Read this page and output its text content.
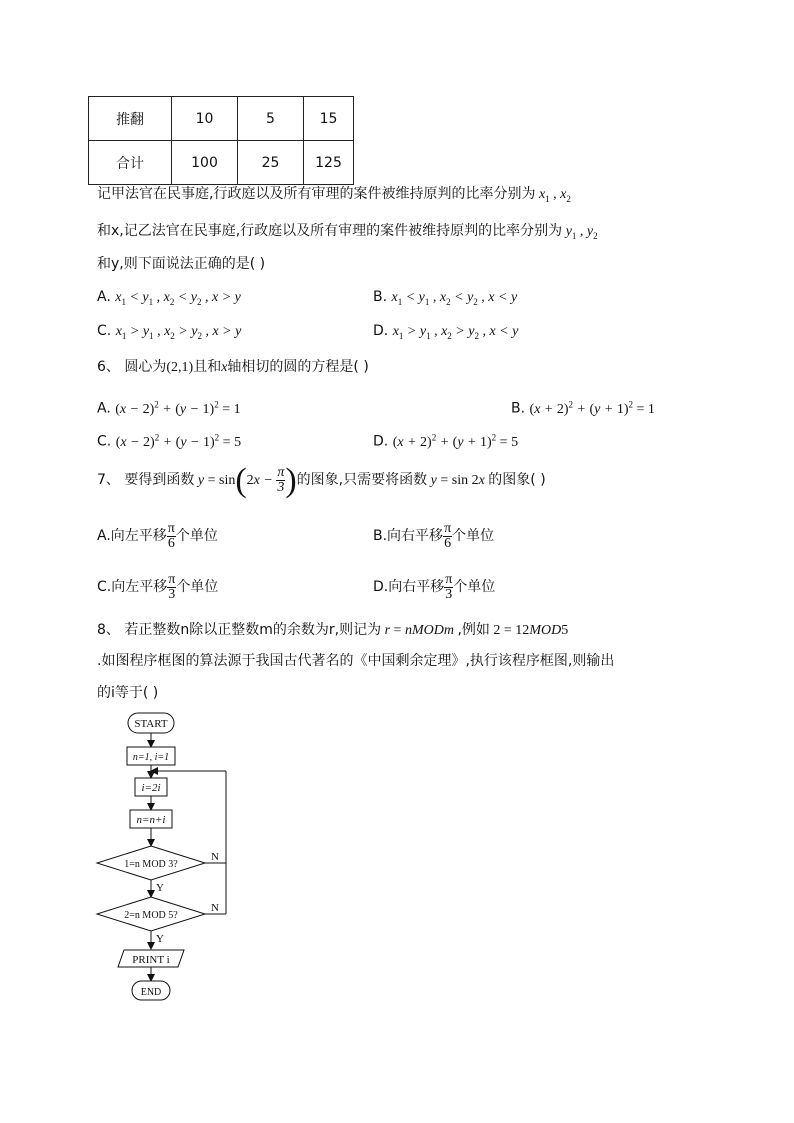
推翻	10	5	15
合计	100	25	125
记甲法官在民事庭,行政庭以及所有审理的案件被维持原判的比率分别为 $x_1$ , $x_2$
和x,记乙法官在民事庭,行政庭以及所有审理的案件被维持原判的比率分别为 $y_1$ , $y_2$
和y,则下面说法正确的是( )
A. $x_1 < y_1$ , $x_2 < y_2$ , x > y	B. $x_1 < y_1$ , $x_2 < y_2$ , x < y
C. $x_1 > y_1$ , $x_2 > y_2$ , x > y	D. $x_1 > y_1$ , $x_2 > y_2$ , x < y
6、 圆心为(2,1)且和x轴相切的圆的方程是( )
A. $(x - 2)^2 + (y - 1)^2 = 1$	B. $(x + 2)^2 + (y + 1)^2 = 1$
C. $(x - 2)^2 + (y - 1)^2 = 5$	D. $(x + 2)^2 + (y + 1)^2 = 5$
7、 要得到函数 $y = \sin(2x - \frac{\pi}{3}$ )的图象,只需要将函数 y = sin 2x 的图象( )
A.向左平移 $\frac{\pi}{6}$ 个单位	B.向右平移 $\frac{\pi}{6}$ 个单位
C.向左平移 $\frac{\pi}{3}$ 个单位	D.向右平移 $\frac{\pi}{3}$ 个单位
8、 若正整数n除以正整数m的余数为r,则记为 r = nMODm ,例如 2 = 12MOD5
.如图程序框图的算法源于我国古代著名的《中国剩余定理》,执行该程序框图,则输出
的i等于( )
START
n=1, i=1
i=2i
n=n+i
1=n MOD 3?
2=n MOD 5?
PRINT i
END
Y
Y
N
N
